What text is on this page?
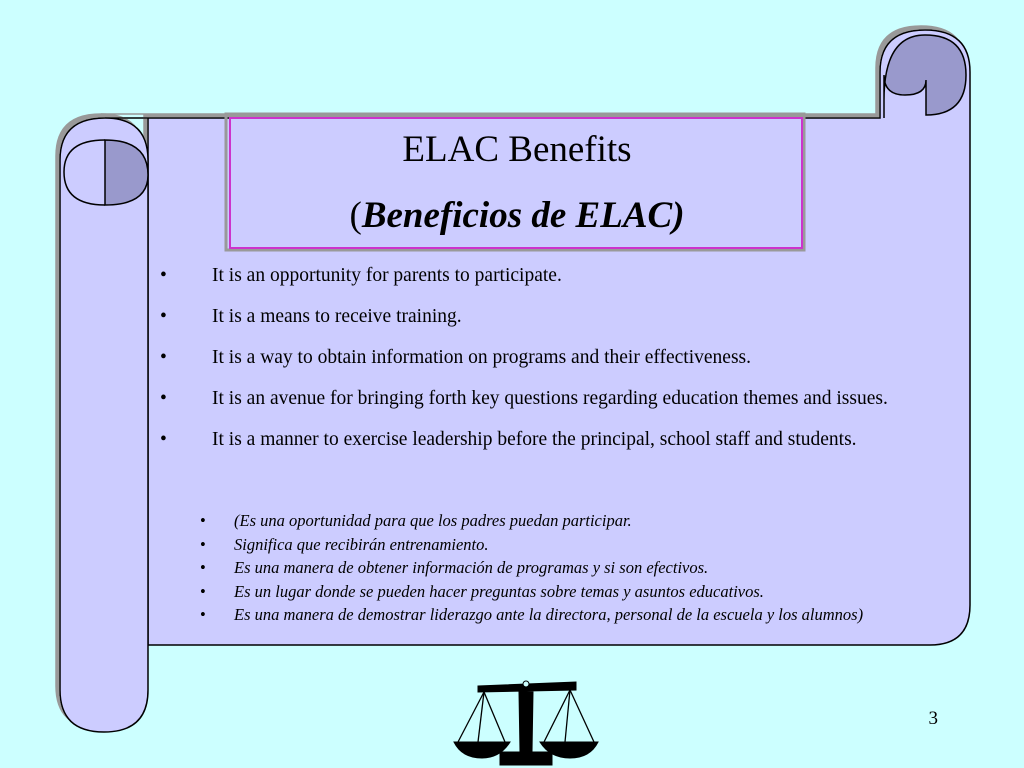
ELAC Benefits
(Beneficios de ELAC)
• It is an opportunity for parents to participate.
• It is a means to receive training.
• It is a way to obtain information on programs and their effectiveness.
• It is an avenue for bringing forth key questions regarding education themes and issues.
• It is a manner to exercise leadership before the principal, school staff and students.
• (Es una oportunidad para que los padres puedan participar.
• Significa que recibirán entrenamiento.
• Es una manera de obtener información de programas y si son efectivos.
• Es un lugar donde se pueden hacer preguntas sobre temas y asuntos educativos.
• Es una manera de demostrar liderazgo ante la directora, personal de la escuela y los alumnos)
3
